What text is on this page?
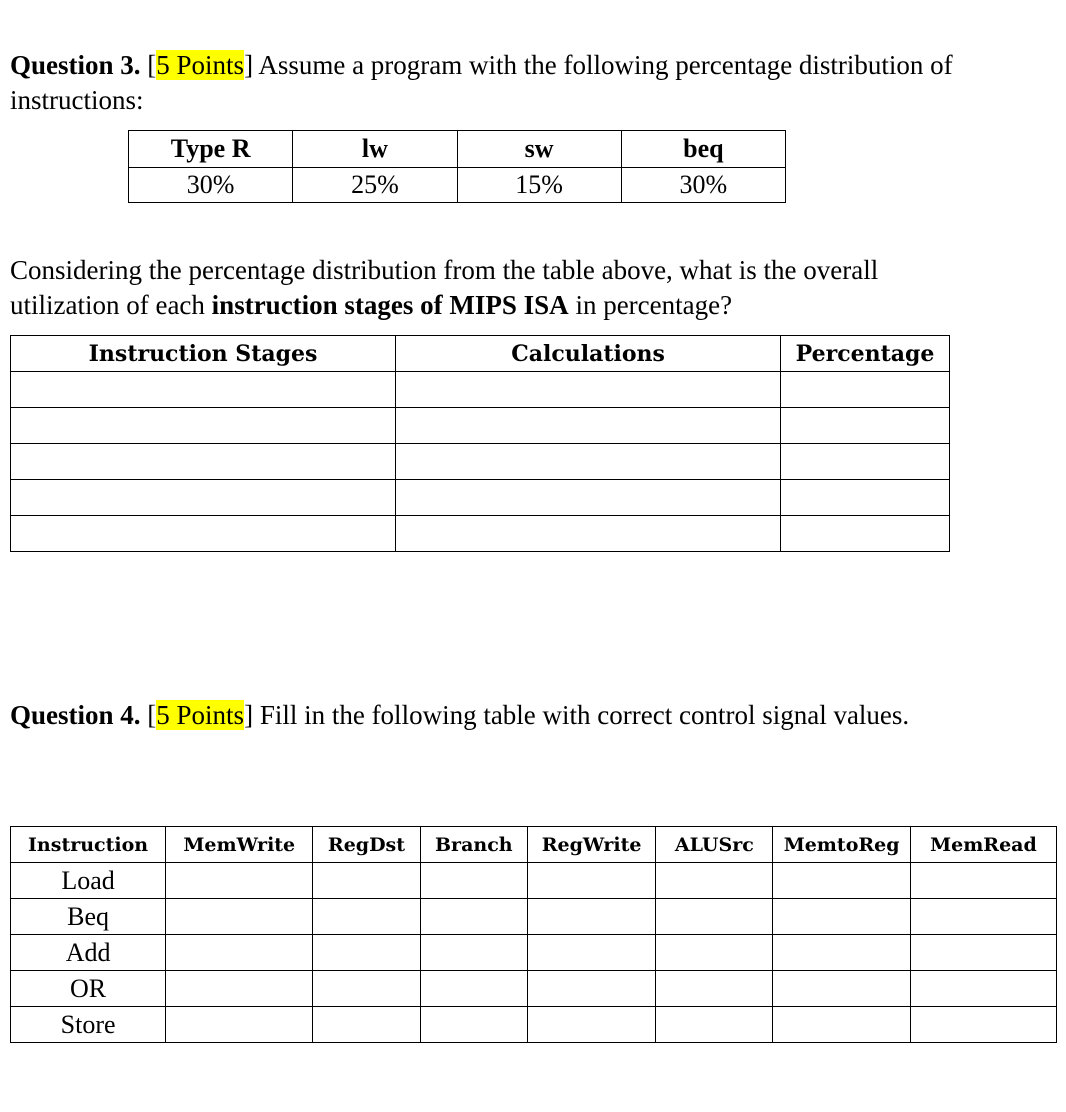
Question 3. [5 Points] Assume a program with the following percentage distribution of instructions:

Type R	lw	sw	beq
30%	25%	15%	30%

Considering the percentage distribution from the table above, what is the overall utilization of each instruction stages of MIPS ISA in percentage?

Instruction Stages	Calculations	Percentage

Question 4. [5 Points] Fill in the following table with correct control signal values.

Instruction	MemWrite	RegDst	Branch	RegWrite	ALUSrc	MemtoReg	MemRead
Load							
Beq							
Add							
OR							
Store							
